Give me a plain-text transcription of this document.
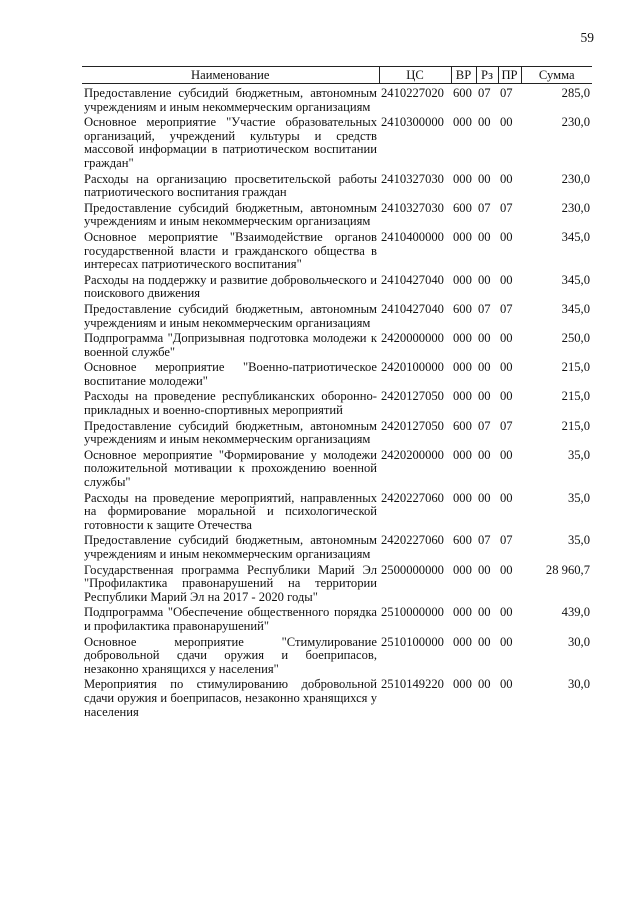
59
Наименование	ЦС	ВР	Рз	ПР	Сумма
Предоставление субсидий бюджетным, автономным учреждениям и иным некоммерческим организациям	2410227020	600	07	07	285,0
Основное мероприятие "Участие образовательных организаций, учреждений культуры и средств массовой информации в патриотическом воспитании граждан"	2410300000	000	00	00	230,0
Расходы на организацию просветительской работы патриотического воспитания граждан	2410327030	000	00	00	230,0
Предоставление субсидий бюджетным, автономным учреждениям и иным некоммерческим организациям	2410327030	600	07	07	230,0
Основное мероприятие "Взаимодействие органов государственной власти и гражданского общества в интересах патриотического воспитания"	2410400000	000	00	00	345,0
Расходы на поддержку и развитие добровольческого и поискового движения	2410427040	000	00	00	345,0
Предоставление субсидий бюджетным, автономным учреждениям и иным некоммерческим организациям	2410427040	600	07	07	345,0
Подпрограмма "Допризывная подготовка молодежи к военной службе"	2420000000	000	00	00	250,0
Основное мероприятие "Военно-патриотическое воспитание молодежи"	2420100000	000	00	00	215,0
Расходы на проведение республиканских оборонно-прикладных и военно-спортивных мероприятий	2420127050	000	00	00	215,0
Предоставление субсидий бюджетным, автономным учреждениям и иным некоммерческим организациям	2420127050	600	07	07	215,0
Основное мероприятие "Формирование у молодежи положительной мотивации к прохождению военной службы"	2420200000	000	00	00	35,0
Расходы на проведение мероприятий, направленных на формирование моральной и психологической готовности к защите Отечества	2420227060	000	00	00	35,0
Предоставление субсидий бюджетным, автономным учреждениям и иным некоммерческим организациям	2420227060	600	07	07	35,0
Государственная программа Республики Марий Эл "Профилактика правонарушений на территории Республики Марий Эл на 2017 - 2020 годы"	2500000000	000	00	00	28 960,7
Подпрограмма "Обеспечение общественного порядка и профилактика правонарушений"	2510000000	000	00	00	439,0
Основное мероприятие "Стимулирование добровольной сдачи оружия и боеприпасов, незаконно хранящихся у населения"	2510100000	000	00	00	30,0
Мероприятия по стимулированию добровольной сдачи оружия и боеприпасов, незаконно хранящихся у населения	2510149220	000	00	00	30,0
